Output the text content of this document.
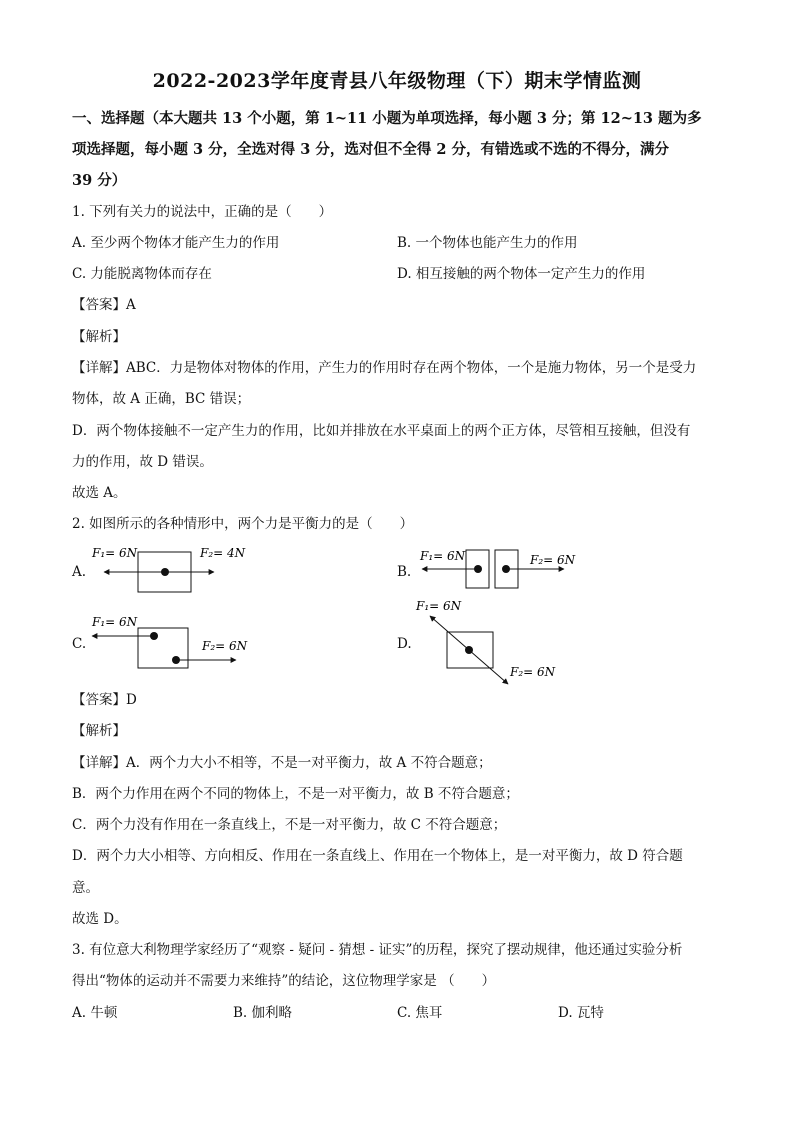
2022-2023学年度青县八年级物理（下）期末学情监测
一、选择题（本大题共 13 个小题，第 1~11 小题为单项选择，每小题 3 分；第 12~13 题为多
项选择题，每小题 3 分，全选对得 3 分，选对但不全得 2 分，有错选或不选的不得分，满分
39 分）
1. 下列有关力的说法中，正确的是（　　）
A. 至少两个物体才能产生力的作用	B. 一个物体也能产生力的作用
C. 力能脱离物体而存在	D. 相互接触的两个物体一定产生力的作用
【答案】A
【解析】
【详解】ABC．力是物体对物体的作用，产生力的作用时存在两个物体，一个是施力物体，另一个是受力
物体，故 A 正确，BC 错误；
D．两个物体接触不一定产生力的作用，比如并排放在水平桌面上的两个正方体，尽管相互接触，但没有
力的作用，故 D 错误。
故选 A。
2. 如图所示的各种情形中，两个力是平衡力的是（　　）
A.
F₁= 6N	F₂= 4N
B.
F₁= 6N	F₂= 6N
C.
F₁= 6N
F₂= 6N	D.
F₁= 6N
F₂= 6N
【答案】D
【解析】
【详解】A．两个力大小不相等，不是一对平衡力，故 A 不符合题意；
B．两个力作用在两个不同的物体上，不是一对平衡力，故 B 不符合题意；
C．两个力没有作用在一条直线上，不是一对平衡力，故 C 不符合题意；
D．两个力大小相等、方向相反、作用在一条直线上、作用在一个物体上，是一对平衡力，故 D 符合题
意。
故选 D。
3. 有位意大利物理学家经历了“观察 - 疑问 - 猜想 - 证实”的历程，探究了摆动规律，他还通过实验分析
得出“物体的运动并不需要力来维持”的结论，这位物理学家是 （　　）
A. 牛顿	B. 伽利略	C. 焦耳	D. 瓦特
